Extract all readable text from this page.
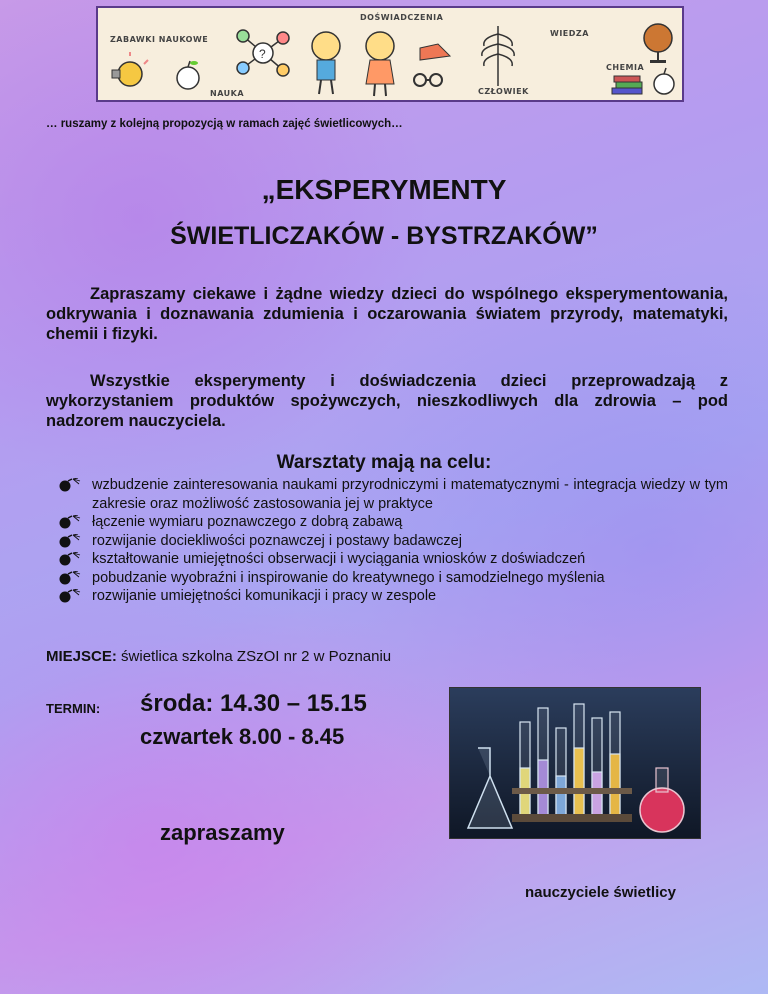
?
ZABAWKI NAUKOWE
DOŚWIADCZENIA
WIEDZA
NAUKA	CZŁOWIEK
CHEMIA
… ruszamy z kolejną propozycją w ramach zajęć świetlicowych…
„EKSPERYMENTY
ŚWIETLICZAKÓW - BYSTRZAKÓW”

Zapraszamy ciekawe i żądne wiedzy dzieci do wspólnego eksperymentowania, odkrywania i doznawania zdumienia i oczarowania światem przyrody, matematyki, chemii i fizyki.

Wszystkie eksperymenty i doświadczenia dzieci przeprowadzają z wykorzystaniem produktów spożywczych, nieszkodliwych dla zdrowia – pod nadzorem nauczyciela.

Warsztaty mają na celu:
wzbudzenie zainteresowania naukami przyrodniczymi i matematycznymi - integracja wiedzy w tym zakresie oraz możliwość zastosowania jej w praktyce
łączenie wymiaru poznawczego z dobrą zabawą
rozwijanie dociekliwości poznawczej i postawy badawczej
kształtowanie umiejętności obserwacji i wyciągania wniosków z doświadczeń
pobudzanie wyobraźni i inspirowanie do kreatywnego i samodzielnego myślenia
rozwijanie umiejętności komunikacji i pracy w zespole
MIEJSCE: świetlica szkolna ZSzOI nr 2 w Poznaniu
TERMIN: środa: 14.30 – 15.15
czwartek 8.00 - 8.45
zapraszamy
nauczyciele świetlicy
